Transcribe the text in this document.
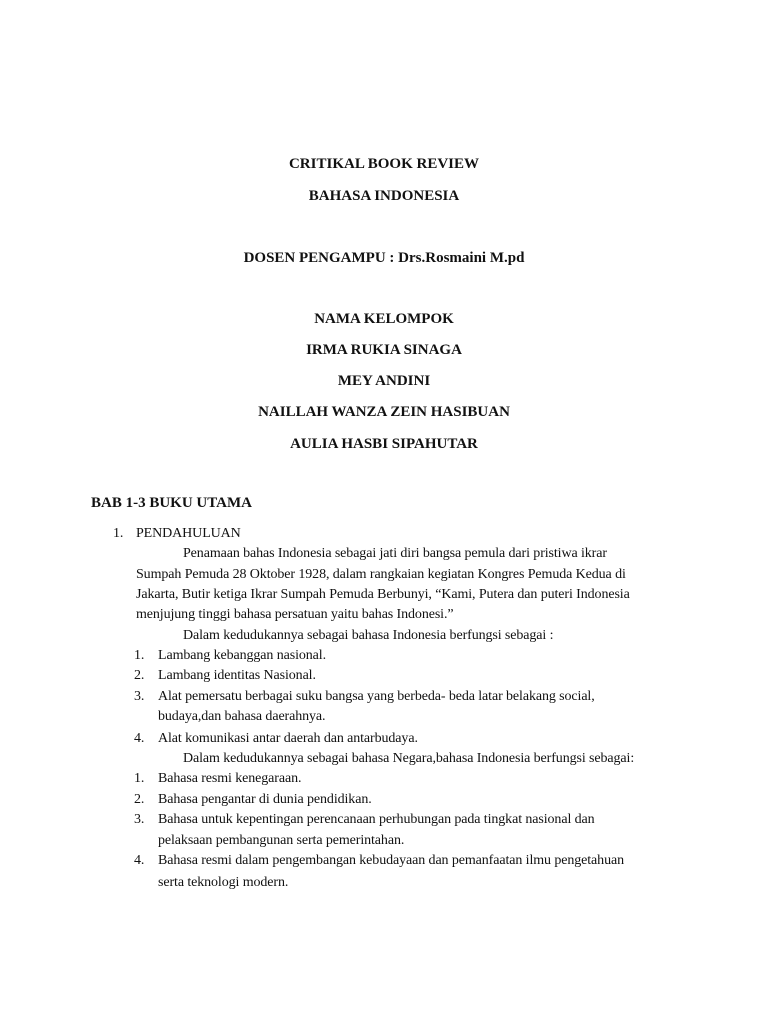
CRITIKAL BOOK REVIEW
BAHASA INDONESIA
DOSEN PENGAMPU : Drs.Rosmaini M.pd
NAMA KELOMPOK
IRMA RUKIA SINAGA
MEY ANDINI
NAILLAH WANZA ZEIN HASIBUAN
AULIA HASBI SIPAHUTAR
BAB 1-3 BUKU UTAMA
1. PENDAHULUAN
Penamaan bahas Indonesia sebagai jati diri bangsa pemula dari pristiwa ikrar
Sumpah Pemuda 28 Oktober 1928, dalam rangkaian kegiatan Kongres Pemuda Kedua di
Jakarta, Butir ketiga Ikrar Sumpah Pemuda Berbunyi, “Kami, Putera dan puteri Indonesia
menjujung tinggi bahasa persatuan yaitu bahas Indonesi.”
Dalam kedudukannya sebagai bahasa Indonesia berfungsi sebagai :
1. Lambang kebanggan nasional.
2. Lambang identitas Nasional.
3. Alat pemersatu berbagai suku bangsa yang berbeda- beda latar belakang social,
budaya,dan bahasa daerahnya.
4. Alat komunikasi antar daerah dan antarbudaya.
Dalam kedudukannya sebagai bahasa Negara,bahasa Indonesia berfungsi sebagai:
1. Bahasa resmi kenegaraan.
2. Bahasa pengantar di dunia pendidikan.
3. Bahasa untuk kepentingan perencanaan perhubungan pada tingkat nasional dan
pelaksaan pembangunan serta pemerintahan.
4. Bahasa resmi dalam pengembangan kebudayaan dan pemanfaatan ilmu pengetahuan
serta teknologi modern.
